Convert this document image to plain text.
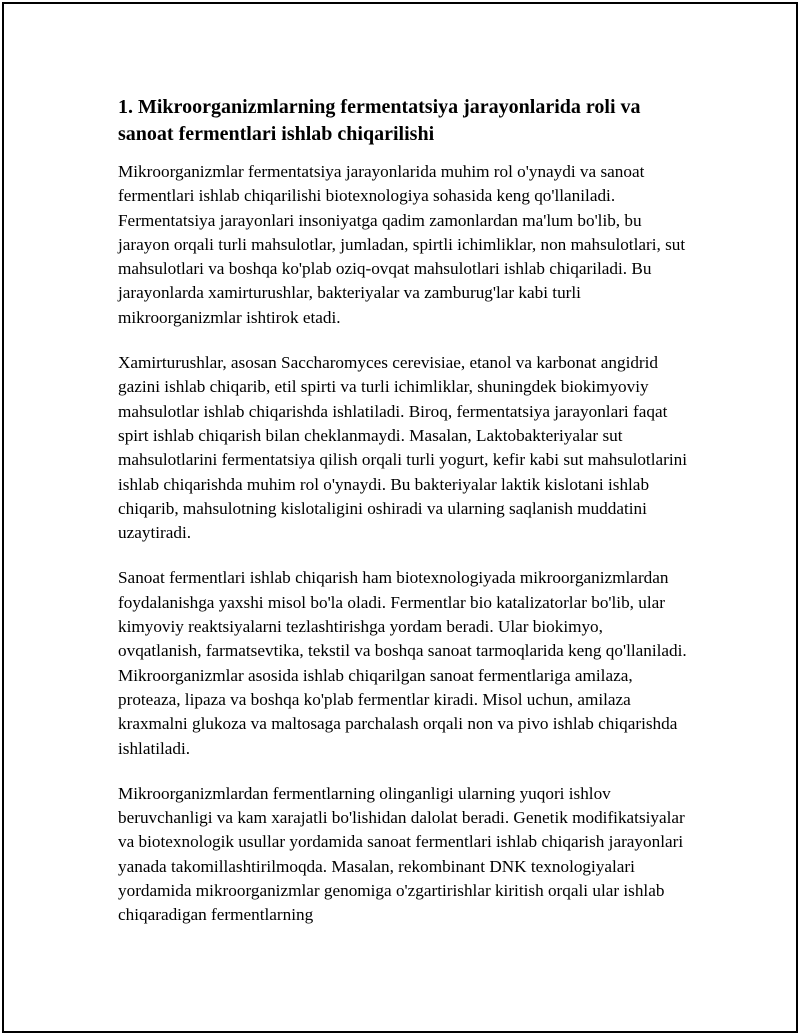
1. Mikroorganizmlarning fermentatsiya jarayonlarida roli va sanoat fermentlari ishlab chiqarilishi

Mikroorganizmlar fermentatsiya jarayonlarida muhim rol o'ynaydi va sanoat fermentlari ishlab chiqarilishi biotexnologiya sohasida keng qo'llaniladi. Fermentatsiya jarayonlari insoniyatga qadim zamonlardan ma'lum bo'lib, bu jarayon orqali turli mahsulotlar, jumladan, spirtli ichimliklar, non mahsulotlari, sut mahsulotlari va boshqa ko'plab oziq-ovqat mahsulotlari ishlab chiqariladi. Bu jarayonlarda xamirturushlar, bakteriyalar va zamburug'lar kabi turli mikroorganizmlar ishtirok etadi.

Xamirturushlar, asosan Saccharomyces cerevisiae, etanol va karbonat angidrid gazini ishlab chiqarib, etil spirti va turli ichimliklar, shuningdek biokimyoviy mahsulotlar ishlab chiqarishda ishlatiladi. Biroq, fermentatsiya jarayonlari faqat spirt ishlab chiqarish bilan cheklanmaydi. Masalan, Laktobakteriyalar sut mahsulotlarini fermentatsiya qilish orqali turli yogurt, kefir kabi sut mahsulotlarini ishlab chiqarishda muhim rol o'ynaydi. Bu bakteriyalar laktik kislotani ishlab chiqarib, mahsulotning kislotaligini oshiradi va ularning saqlanish muddatini uzaytiradi.

Sanoat fermentlari ishlab chiqarish ham biotexnologiyada mikroorganizmlardan foydalanishga yaxshi misol bo'la oladi. Fermentlar bio katalizatorlar bo'lib, ular kimyoviy reaktsiyalarni tezlashtirishga yordam beradi. Ular biokimyo, ovqatlanish, farmatsevtika, tekstil va boshqa sanoat tarmoqlarida keng qo'llaniladi. Mikroorganizmlar asosida ishlab chiqarilgan sanoat fermentlariga amilaza, proteaza, lipaza va boshqa ko'plab fermentlar kiradi. Misol uchun, amilaza kraxmalni glukoza va maltosaga parchalash orqali non va pivo ishlab chiqarishda ishlatiladi.

Mikroorganizmlardan fermentlarning olinganligi ularning yuqori ishlov beruvchanligi va kam xarajatli bo'lishidan dalolat beradi. Genetik modifikatsiyalar va biotexnologik usullar yordamida sanoat fermentlari ishlab chiqarish jarayonlari yanada takomillashtirilmoqda. Masalan, rekombinant DNK texnologiyalari yordamida mikroorganizmlar genomiga o'zgartirishlar kiritish orqali ular ishlab chiqaradigan fermentlarning
